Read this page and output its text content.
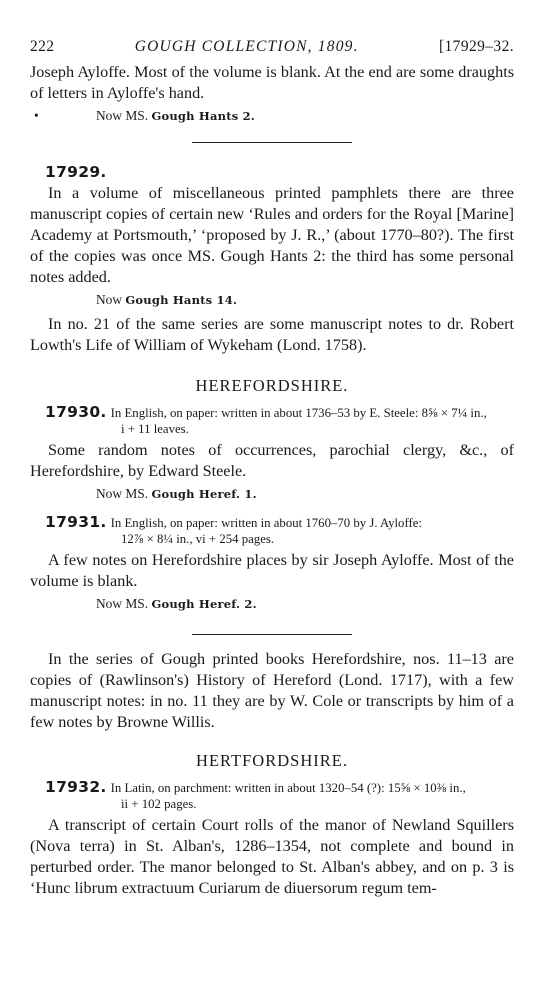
222	GOUGH COLLECTION, 1809.	[17929–32.

Joseph Ayloffe. Most of the volume is blank. At the end are some draughts of letters in Ayloffe's hand.

•	Now MS. Gough Hants 2.

17929.

In a volume of miscellaneous printed pamphlets there are three manuscript copies of certain new ‘Rules and orders for the Royal [Marine] Academy at Portsmouth,’ ‘proposed by J. R.,’ (about 1770–80?). The first of the copies was once MS. Gough Hants 2: the third has some personal notes added.

Now Gough Hants 14.

In no. 21 of the same series are some manuscript notes to dr. Robert Lowth's Life of William of Wykeham (Lond. 1758).

HEREFORDSHIRE.

17930. In English, on paper: written in about 1736–53 by E. Steele: 8⅝ × 7¼ in.,
i + 11 leaves.

Some random notes of occurrences, parochial clergy, &c., of Herefordshire, by Edward Steele.

Now MS. Gough Heref. 1.

17931. In English, on paper: written in about 1760–70 by J. Ayloffe:
12⅞ × 8¼ in., vi + 254 pages.

A few notes on Herefordshire places by sir Joseph Ayloffe. Most of the volume is blank.

Now MS. Gough Heref. 2.

In the series of Gough printed books Herefordshire, nos. 11–13 are copies of (Rawlinson's) History of Hereford (Lond. 1717), with a few manuscript notes: in no. 11 they are by W. Cole or transcripts by him of a few notes by Browne Willis.

HERTFORDSHIRE.

17932. In Latin, on parchment: written in about 1320–54 (?): 15⅝ × 10⅜ in.,
ii + 102 pages.

A transcript of certain Court rolls of the manor of Newland Squillers (Nova terra) in St. Alban's, 1286–1354, not complete and bound in perturbed order. The manor belonged to St. Alban's abbey, and on p. 3 is ‘Hunc librum extractuum Curiarum de diuersorum regum tem-
